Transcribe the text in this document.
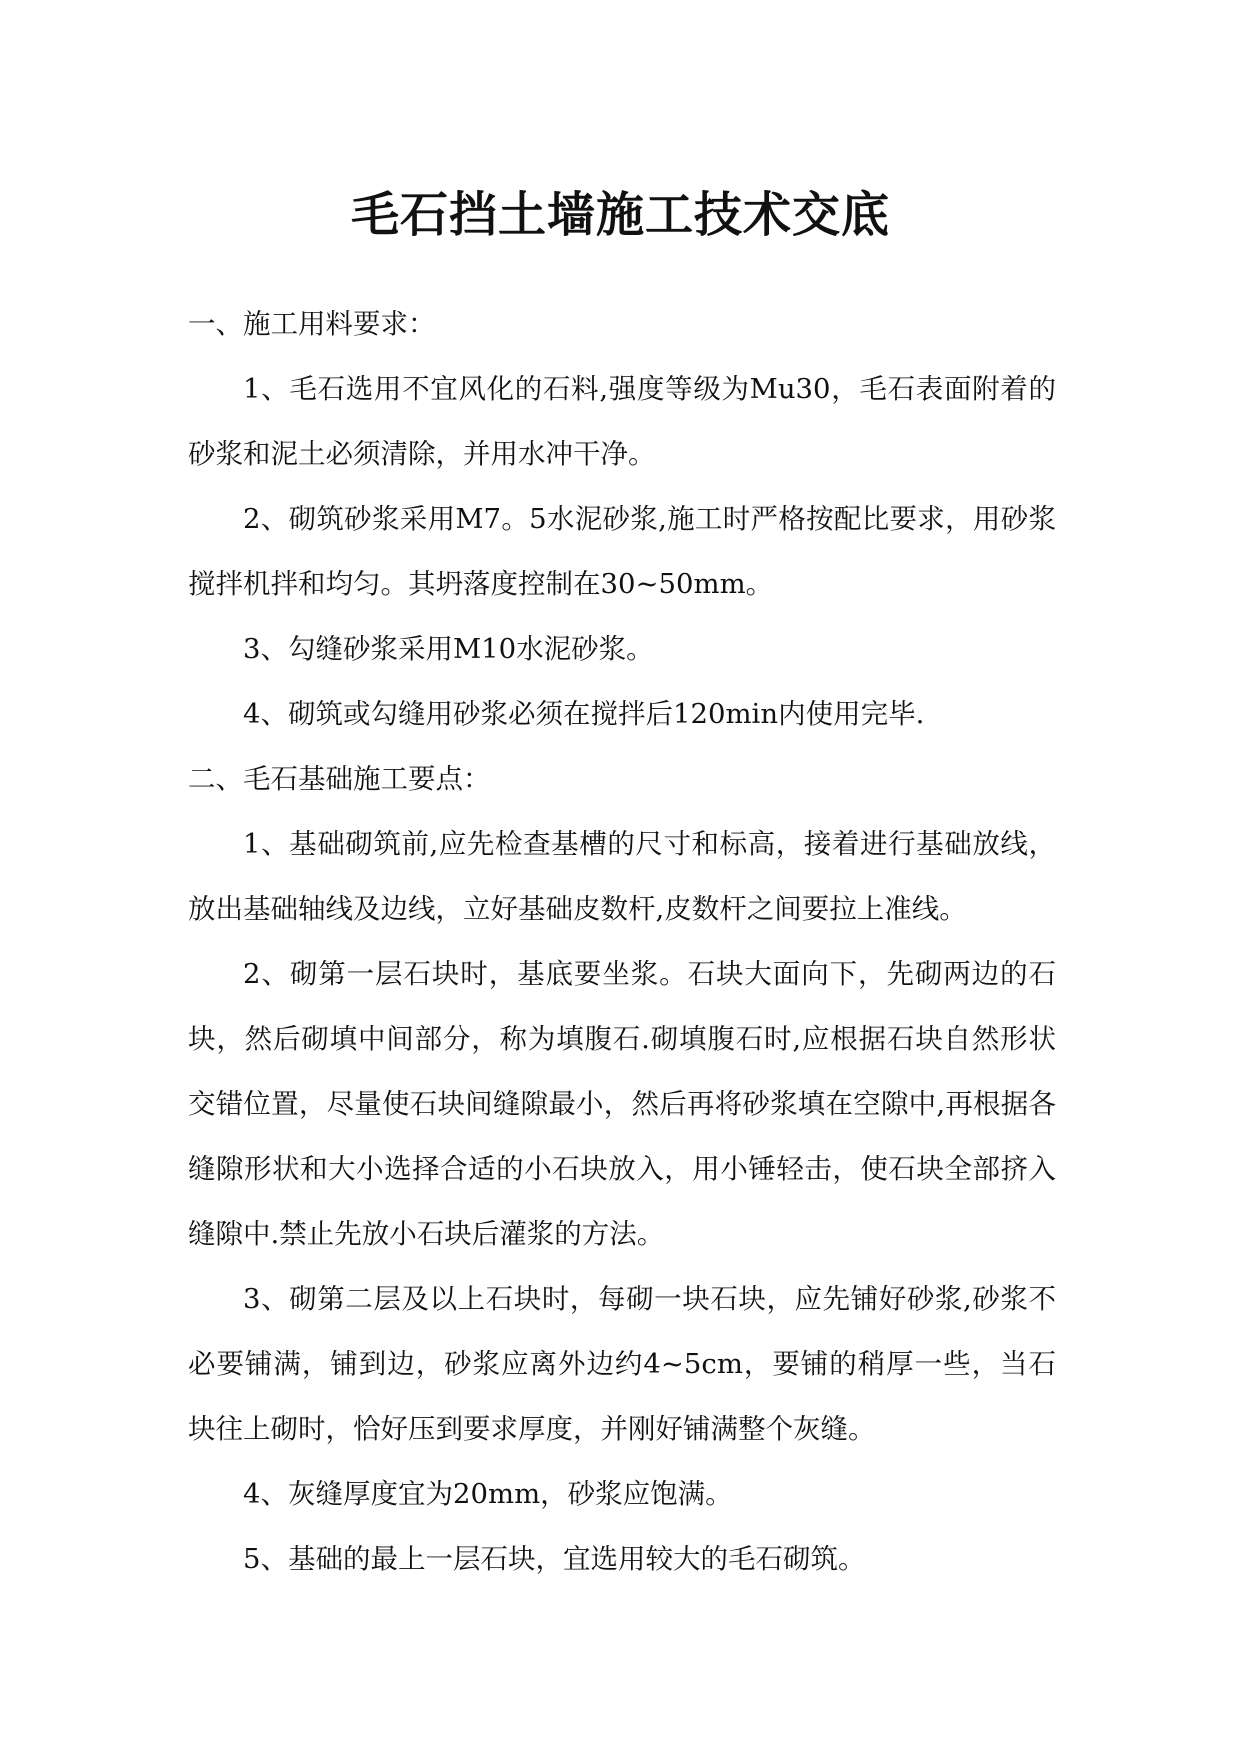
毛石挡土墙施工技术交底

一、施工用料要求：

1、毛石选用不宜风化的石料,强度等级为Mu30，毛石表面附着的砂浆和泥土必须清除，并用水冲干净。

2、砌筑砂浆采用M7。5水泥砂浆,施工时严格按配比要求，用砂浆搅拌机拌和均匀。其坍落度控制在30~50mm。

3、勾缝砂浆采用M10水泥砂浆。

4、砌筑或勾缝用砂浆必须在搅拌后120min内使用完毕.

二、毛石基础施工要点：

1、基础砌筑前,应先检查基槽的尺寸和标高，接着进行基础放线，放出基础轴线及边线，立好基础皮数杆,皮数杆之间要拉上准线。

2、砌第一层石块时，基底要坐浆。石块大面向下，先砌两边的石块，然后砌填中间部分，称为填腹石.砌填腹石时,应根据石块自然形状交错位置，尽量使石块间缝隙最小，然后再将砂浆填在空隙中,再根据各缝隙形状和大小选择合适的小石块放入，用小锤轻击，使石块全部挤入缝隙中.禁止先放小石块后灌浆的方法。

3、砌第二层及以上石块时，每砌一块石块，应先铺好砂浆,砂浆不必要铺满，铺到边，砂浆应离外边约4~5cm，要铺的稍厚一些，当石块往上砌时，恰好压到要求厚度，并刚好铺满整个灰缝。

4、灰缝厚度宜为20mm，砂浆应饱满。

5、基础的最上一层石块，宜选用较大的毛石砌筑。
